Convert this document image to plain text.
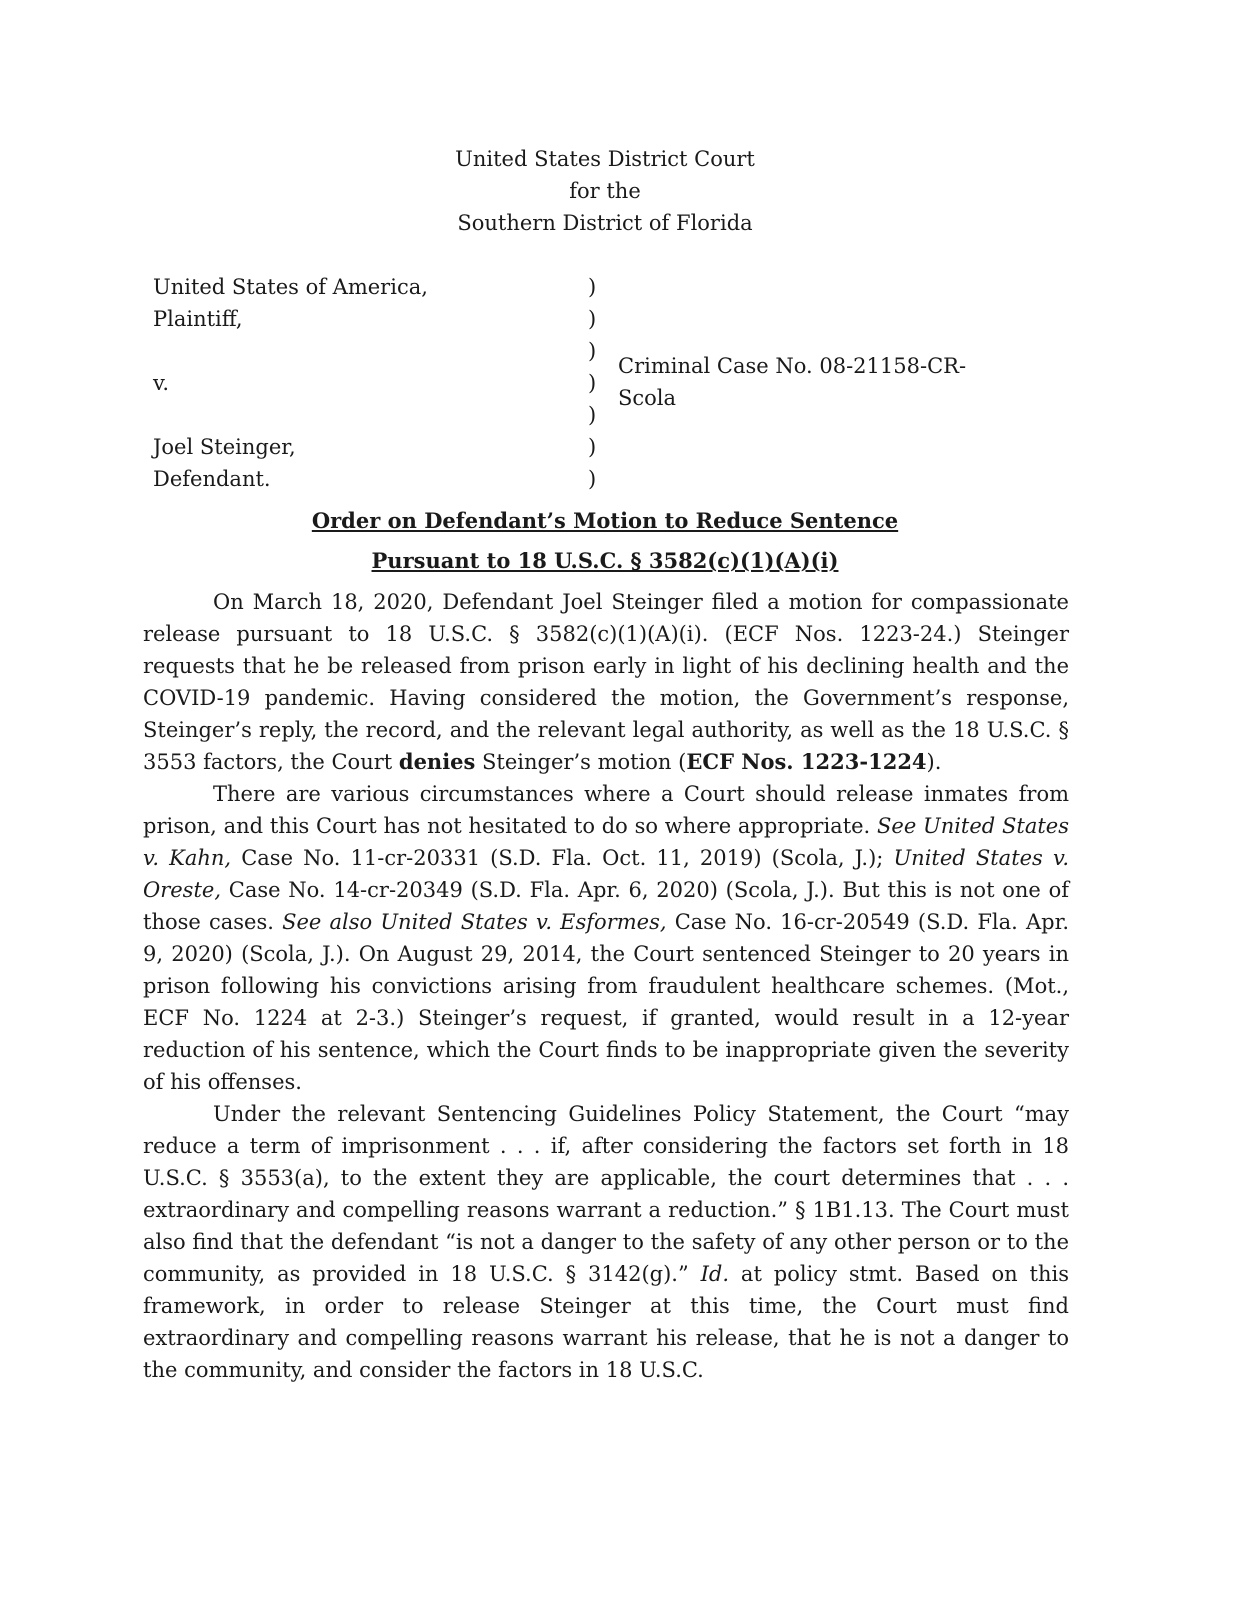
United States District Court
for the
Southern District of Florida
United States of America,
Plaintiff,

v.

Joel Steinger,
Defendant.
)
)
)
)
)
)
)
Criminal Case No. 08-21158-CR-
Scola
Order on Defendant’s Motion to Reduce Sentence
Pursuant to 18 U.S.C. § 3582(c)(1)(A)(i)

On March 18, 2020, Defendant Joel Steinger filed a motion for compassionate release pursuant to 18 U.S.C. § 3582(c)(1)(A)(i). (ECF Nos. 1223-24.) Steinger requests that he be released from prison early in light of his declining health and the COVID-19 pandemic. Having considered the motion, the Government’s response, Steinger’s reply, the record, and the relevant legal authority, as well as the 18 U.S.C. § 3553 factors, the Court denies Steinger’s motion (ECF Nos. 1223-1224).

There are various circumstances where a Court should release inmates from prison, and this Court has not hesitated to do so where appropriate. See United States v. Kahn, Case No. 11-cr-20331 (S.D. Fla. Oct. 11, 2019) (Scola, J.); United States v. Oreste, Case No. 14-cr-20349 (S.D. Fla. Apr. 6, 2020) (Scola, J.). But this is not one of those cases. See also United States v. Esformes, Case No. 16-cr-20549 (S.D. Fla. Apr. 9, 2020) (Scola, J.). On August 29, 2014, the Court sentenced Steinger to 20 years in prison following his convictions arising from fraudulent healthcare schemes. (Mot., ECF No. 1224 at 2-3.) Steinger’s request, if granted, would result in a 12-year reduction of his sentence, which the Court finds to be inappropriate given the severity of his offenses.

Under the relevant Sentencing Guidelines Policy Statement, the Court “may reduce a term of imprisonment . . . if, after considering the factors set forth in 18 U.S.C. § 3553(a), to the extent they are applicable, the court determines that . . . extraordinary and compelling reasons warrant a reduction.” § 1B1.13. The Court must also find that the defendant “is not a danger to the safety of any other person or to the community, as provided in 18 U.S.C. § 3142(g).” Id. at policy stmt. Based on this framework, in order to release Steinger at this time, the Court must find extraordinary and compelling reasons warrant his release, that he is not a danger to the community, and consider the factors in 18 U.S.C.
